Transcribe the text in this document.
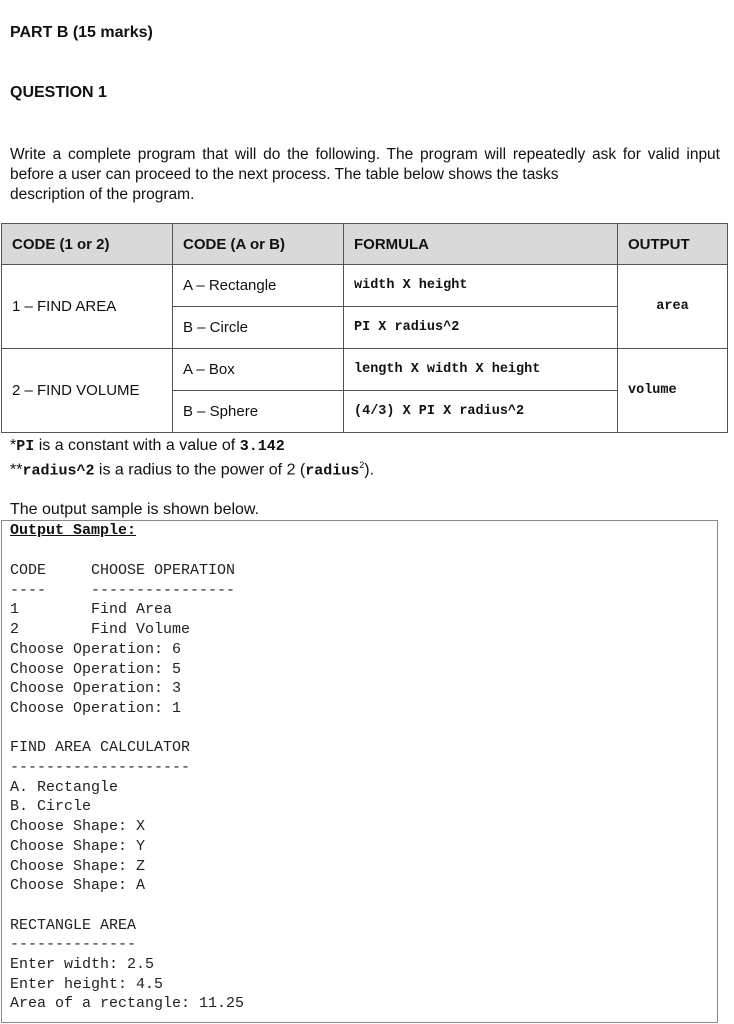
PART B (15 marks)
QUESTION 1
Write a complete program that will do the following. The program will repeatedly ask for valid input before a user can proceed to the next process. The table below shows the tasks
description of the program.
CODE (1 or 2)	CODE (A or B)	FORMULA	OUTPUT
1 – FIND AREA	A – Rectangle	width X height	area
	B – Circle	PI X radius^2	
2 – FIND VOLUME	A – Box	length X width X height	volume
	B – Sphere	(4/3) X PI X radius^2	
*PI is a constant with a value of 3.142
**radius^2 is a radius to the power of 2 (radius$^2$).
The output sample is shown below.
Output Sample:
CODE     CHOOSE OPERATION
----     ----------------
1        Find Area
2        Find Volume
Choose Operation: 6
Choose Operation: 5
Choose Operation: 3
Choose Operation: 1

FIND AREA CALCULATOR
--------------------
A. Rectangle
B. Circle
Choose Shape: X
Choose Shape: Y
Choose Shape: Z
Choose Shape: A

RECTANGLE AREA
--------------
Enter width: 2.5
Enter height: 4.5
Area of a rectangle: 11.25
